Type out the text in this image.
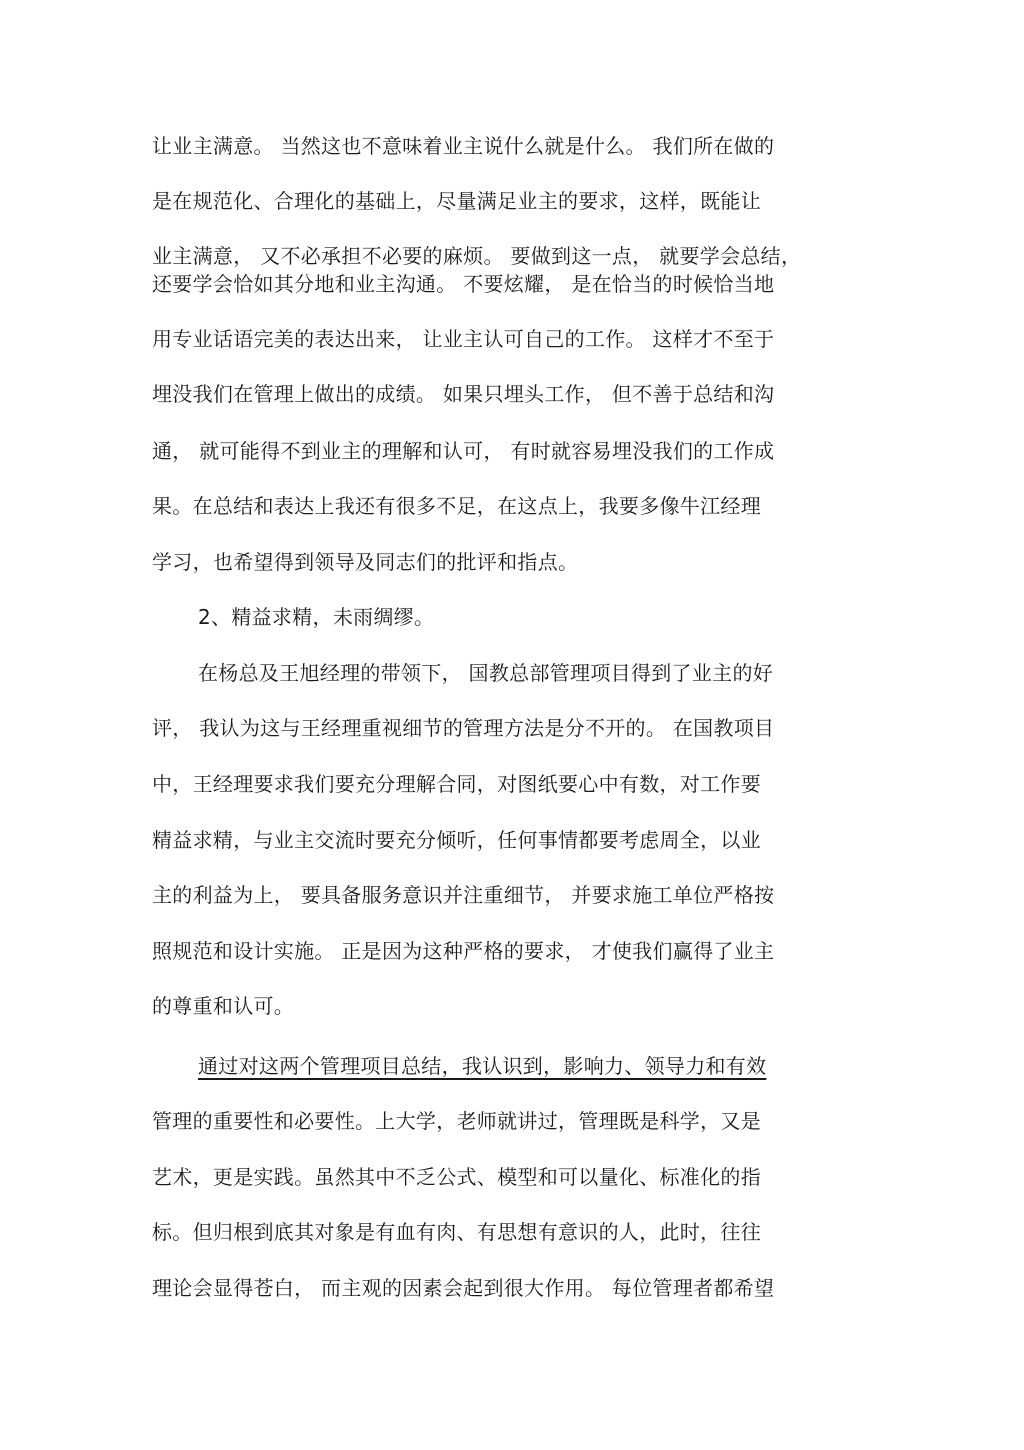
让业主满意。 当然这也不意味着业主说什么就是什么。 我们所在做的
是在规范化、合理化的基础上，尽量满足业主的要求，这样，既能让
业主满意， 又不必承担不必要的麻烦。 要做到这一点， 就要学会总结，
还要学会恰如其分地和业主沟通。 不要炫耀， 是在恰当的时候恰当地
用专业话语完美的表达出来， 让业主认可自己的工作。 这样才不至于
埋没我们在管理上做出的成绩。 如果只埋头工作， 但不善于总结和沟
通， 就可能得不到业主的理解和认可， 有时就容易埋没我们的工作成
果。在总结和表达上我还有很多不足，在这点上，我要多像牛江经理
学习，也希望得到领导及同志们的批评和指点。
2、精益求精，未雨绸缪。
在杨总及王旭经理的带领下， 国教总部管理项目得到了业主的好
评， 我认为这与王经理重视细节的管理方法是分不开的。 在国教项目
中，王经理要求我们要充分理解合同，对图纸要心中有数，对工作要
精益求精，与业主交流时要充分倾听，任何事情都要考虑周全，以业
主的利益为上， 要具备服务意识并注重细节， 并要求施工单位严格按
照规范和设计实施。 正是因为这种严格的要求， 才使我们赢得了业主
的尊重和认可。
通过对这两个管理项目总结，我认识到，影响力、领导力和有效
管理的重要性和必要性。上大学，老师就讲过，管理既是科学，又是
艺术，更是实践。虽然其中不乏公式、模型和可以量化、标准化的指
标。但归根到底其对象是有血有肉、有思想有意识的人，此时，往往
理论会显得苍白， 而主观的因素会起到很大作用。 每位管理者都希望
